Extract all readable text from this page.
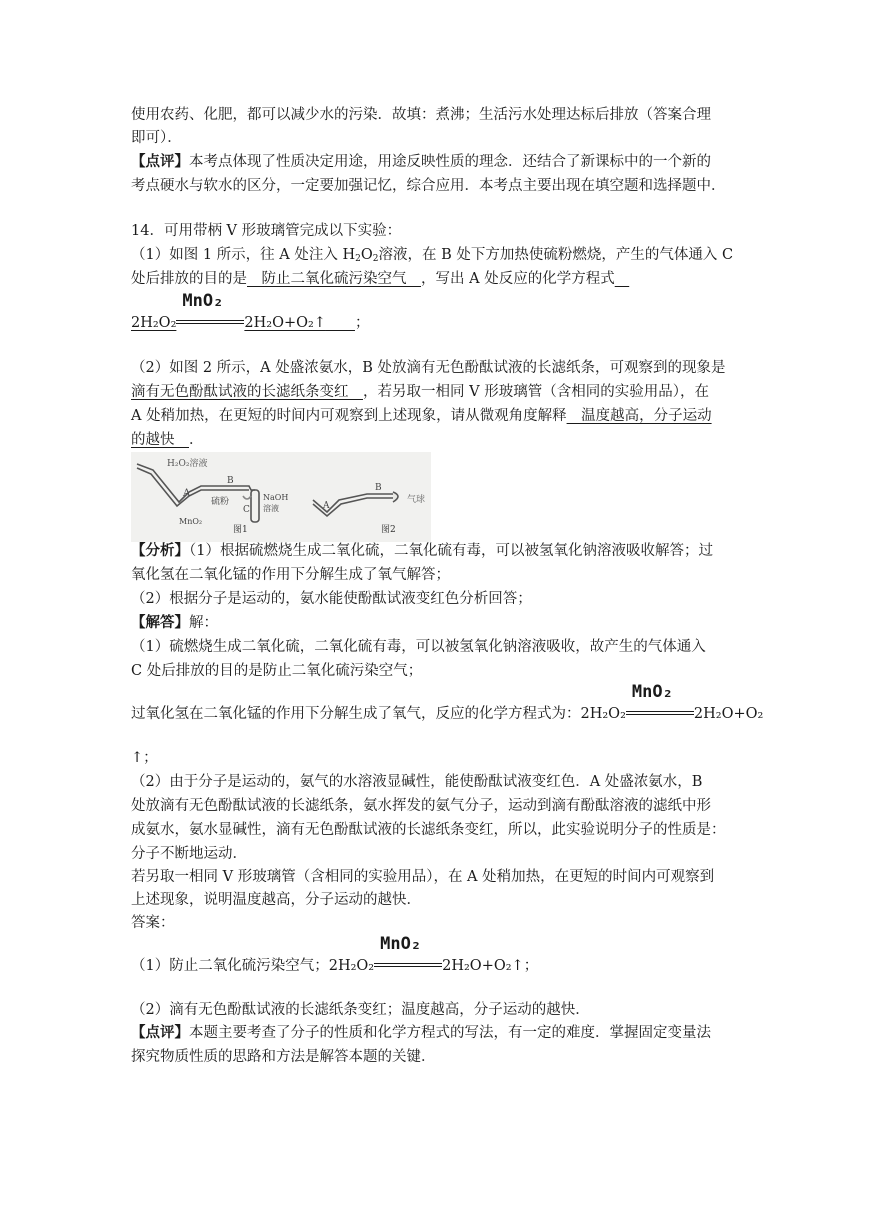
使用农药、化肥，都可以减少水的污染．故填：煮沸；生活污水处理达标后排放（答案合理
即可）．
【点评】本考点体现了性质决定用途，用途反映性质的理念．还结合了新课标中的一个新的
考点硬水与软水的区分，一定要加强记忆，综合应用．本考点主要出现在填空题和选择题中．
14．可用带柄 V 形玻璃管完成以下实验：
（1）如图 1 所示，往 A 处注入 $H_2O_2$溶液，在 B 处下方加热使硫粉燃烧，产生的气体通入 C
处后排放的目的是　防止二氧化硫污染空气　，写出 A 处反应的化学方程式　
2H₂O₂
MnO₂
2H₂O+O₂↑　　 ；
（2）如图 2 所示，A 处盛浓氨水，B 处放滴有无色酚酞试液的长滤纸条，可观察到的现象是
滴有无色酚酞试液的长滤纸条变红　，若另取一相同 V 形玻璃管（含相同的实验用品），在
A 处稍加热，在更短的时间内可观察到上述现象，请从微观角度解释　温度越高，分子运动
的越快　．
H₂O₂溶液
A
B
C
硫粉	NaOH
溶液
MnO₂
图1
A
B
气球
图2
【分析】（1）根据硫燃烧生成二氧化硫，二氧化硫有毒，可以被氢氧化钠溶液吸收解答；过
氧化氢在二氧化锰的作用下分解生成了氧气解答；
（2）根据分子是运动的，氨水能使酚酞试液变红色分析回答；
【解答】解：
（1）硫燃烧生成二氧化硫，二氧化硫有毒，可以被氢氧化钠溶液吸收，故产生的气体通入
C 处后排放的目的是防止二氧化硫污染空气；
过氧化氢在二氧化锰的作用下分解生成了氧气，反应的化学方程式为：2H₂O₂
MnO₂
2H₂O+O₂
↑；
（2）由于分子是运动的，氨气的水溶液显碱性，能使酚酞试液变红色．A 处盛浓氨水，B
处放滴有无色酚酞试液的长滤纸条，氨水挥发的氨气分子，运动到滴有酚酞溶液的滤纸中形
成氨水，氨水显碱性，滴有无色酚酞试液的长滤纸条变红，所以，此实验说明分子的性质是：
分子不断地运动．
若另取一相同 V 形玻璃管（含相同的实验用品），在 A 处稍加热，在更短的时间内可观察到
上述现象，说明温度越高，分子运动的越快．
答案：
（1）防止二氧化硫污染空气；2H₂O₂
MnO₂
2H₂O+O₂↑；
（2）滴有无色酚酞试液的长滤纸条变红；温度越高，分子运动的越快．
【点评】本题主要考查了分子的性质和化学方程式的写法，有一定的难度．掌握固定变量法
探究物质性质的思路和方法是解答本题的关键．
